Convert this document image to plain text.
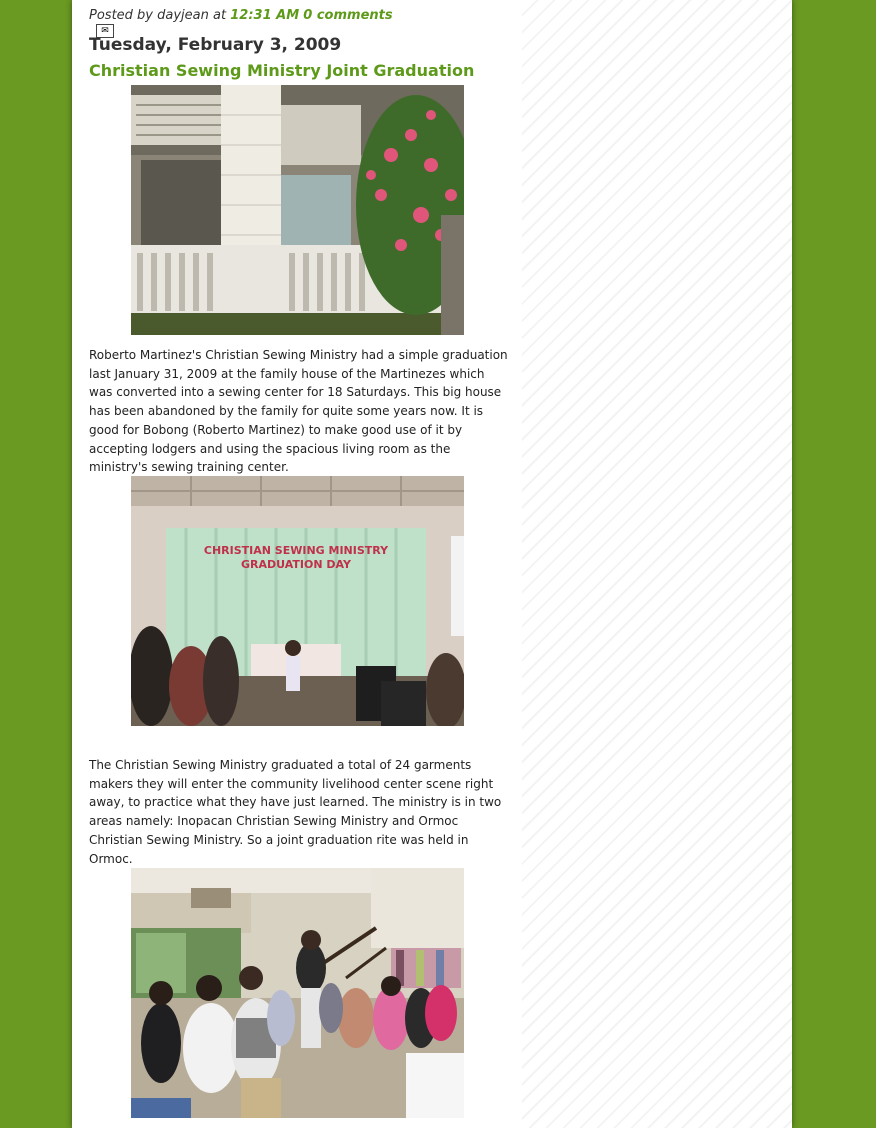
Posted by dayjean at 12:31 AM 0 comments
✉
Tuesday, February 3, 2009
Christian Sewing Ministry Joint Graduation

Roberto Martinez's Christian Sewing Ministry had a simple graduation last January 31, 2009 at the family house of the Martinezes which was converted into a sewing center for 18 Saturdays. This big house has been abandoned by the family for quite some years now. It is good for Bobong (Roberto Martinez) to make good use of it by accepting lodgers and using the spacious living room as the ministry's sewing training center.

CHRISTIAN SEWING MINISTRY
GRADUATION DAY

The Christian Sewing Ministry graduated a total of 24 garments makers they will enter the community livelihood center scene right away, to practice what they have just learned. The ministry is in two areas namely: Inopacan Christian Sewing Ministry and Ormoc Christian Sewing Ministry. So a joint graduation rite was held in Ormoc.
